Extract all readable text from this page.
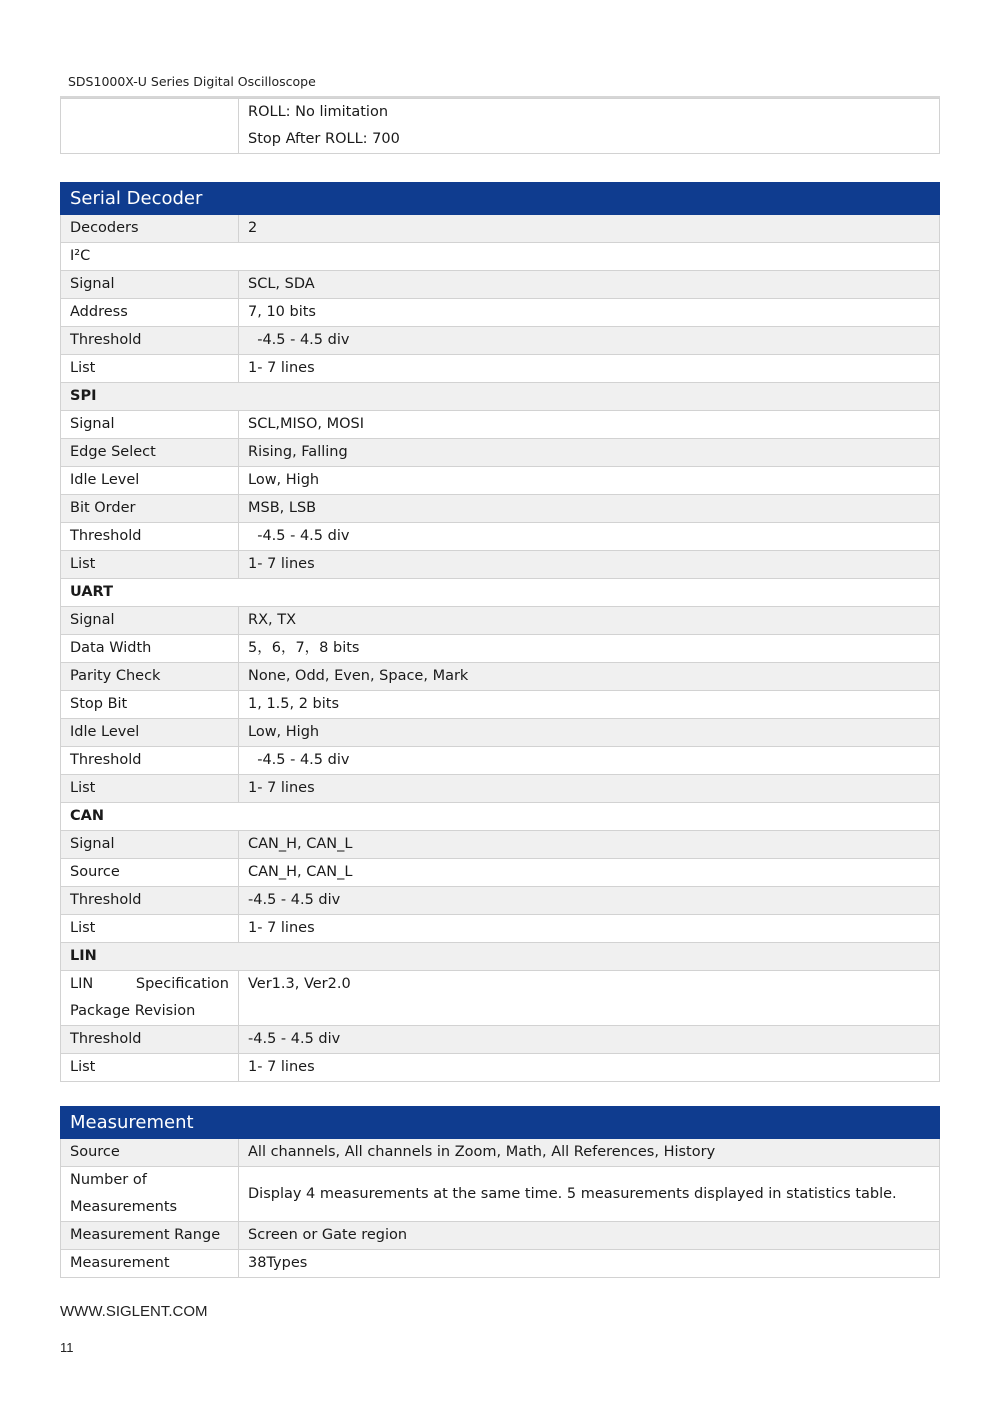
SDS1000X-U Series Digital Oscilloscope

ROLL: No limitation
Stop After ROLL: 700
Serial Decoder	
Decoders	2
I²C	
Signal	SCL, SDA
Address	7, 10 bits
Threshold	-4.5 - 4.5 div
List	1- 7 lines
SPI	
Signal	SCL,MISO, MOSI
Edge Select	Rising, Falling
Idle Level	Low, High
Bit Order	MSB, LSB
Threshold	-4.5 - 4.5 div
List	1- 7 lines
UART	
Signal	RX, TX
Data Width	5，6，7，8 bits
Parity Check	None, Odd, Even, Space, Mark
Stop Bit	1, 1.5, 2 bits
Idle Level	Low, High
Threshold	-4.5 - 4.5 div
List	1- 7 lines
CAN	
Signal	CAN_H, CAN_L
Source	CAN_H, CAN_L
Threshold	-4.5 - 4.5 div
List	1- 7 lines
LIN	

LIN Specification
Package Revision	Ver1.3, Ver2.0
Threshold	-4.5 - 4.5 div
List	1- 7 lines
Measurement	
Source	All channels, All channels in Zoom, Math, All References, History

Number of
Measurements	Display 4 measurements at the same time. 5 measurements displayed in statistics table.
Measurement Range	Screen or Gate region
Measurement	38Types
WWW.SIGLENT.COM
11
